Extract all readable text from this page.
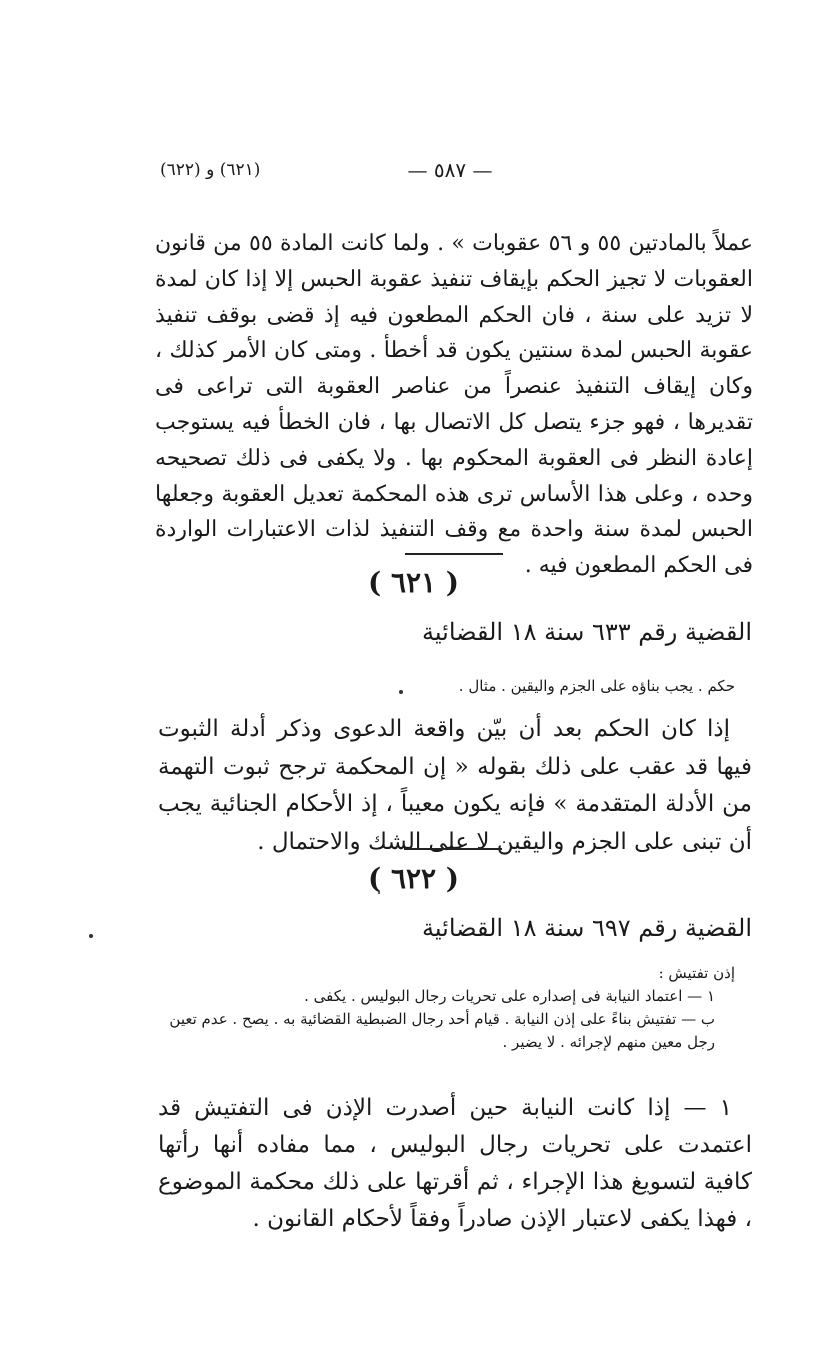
— ٥٨٧ —
(٦٢١) و (٦٢٢)

عملاً بالمادتين ٥٥ و ٥٦ عقوبات » . ولما كانت المادة ٥٥ من قانون العقوبات لا تجيز الحكم بإيقاف تنفيذ عقوبة الحبس إلا إذا كان لمدة لا تزيد على سنة ، فان الحكم المطعون فيه إذ قضى بوقف تنفيذ عقوبة الحبس لمدة سنتين يكون قد أخطأ . ومتى كان الأمر كذلك ، وكان إيقاف التنفيذ عنصراً من عناصر العقوبة التى تراعى فى تقديرها ، فهو جزء يتصل كل الاتصال بها ، فان الخطأ فيه يستوجب إعادة النظر فى العقوبة المحكوم بها . ولا يكفى فى ذلك تصحيحه وحده ، وعلى هذا الأساس ترى هذه المحكمة تعديل العقوبة وجعلها الحبس لمدة سنة واحدة مع وقف التنفيذ لذات الاعتبارات الواردة فى الحكم المطعون فيه .

( ٦٢١ )
القضية رقم ٦٣٣ سنة ١٨ القضائية
حكم . يجب بناؤه على الجزم واليقين . مثال .

إذا كان الحكم بعد أن بيّن واقعة الدعوى وذكر أدلة الثبوت فيها قد عقب على ذلك بقوله « إن المحكمة ترجح ثبوت التهمة من الأدلة المتقدمة » فإنه يكون معيباً ، إذ الأحكام الجنائية يجب أن تبنى على الجزم واليقين لا على الشك والاحتمال .

( ٦٢٢ )
القضية رقم ٦٩٧ سنة ١٨ القضائية
إذن تفتيش :
١ — اعتماد النيابة فى إصداره على تحريات رجال البوليس . يكفى .
ب — تفتيش بناءً على إذن النيابة . قيام أحد رجال الضبطية القضائية به . يصح . عدم تعين رجل معين منهم لإجرائه . لا يضير .

١ — إذا كانت النيابة حين أصدرت الإذن فى التفتيش قد اعتمدت على تحريات رجال البوليس ، مما مفاده أنها رأتها كافية لتسويغ هذا الإجراء ، ثم أقرتها على ذلك محكمة الموضوع ، فهذا يكفى لاعتبار الإذن صادراً وفقاً لأحكام القانون .
